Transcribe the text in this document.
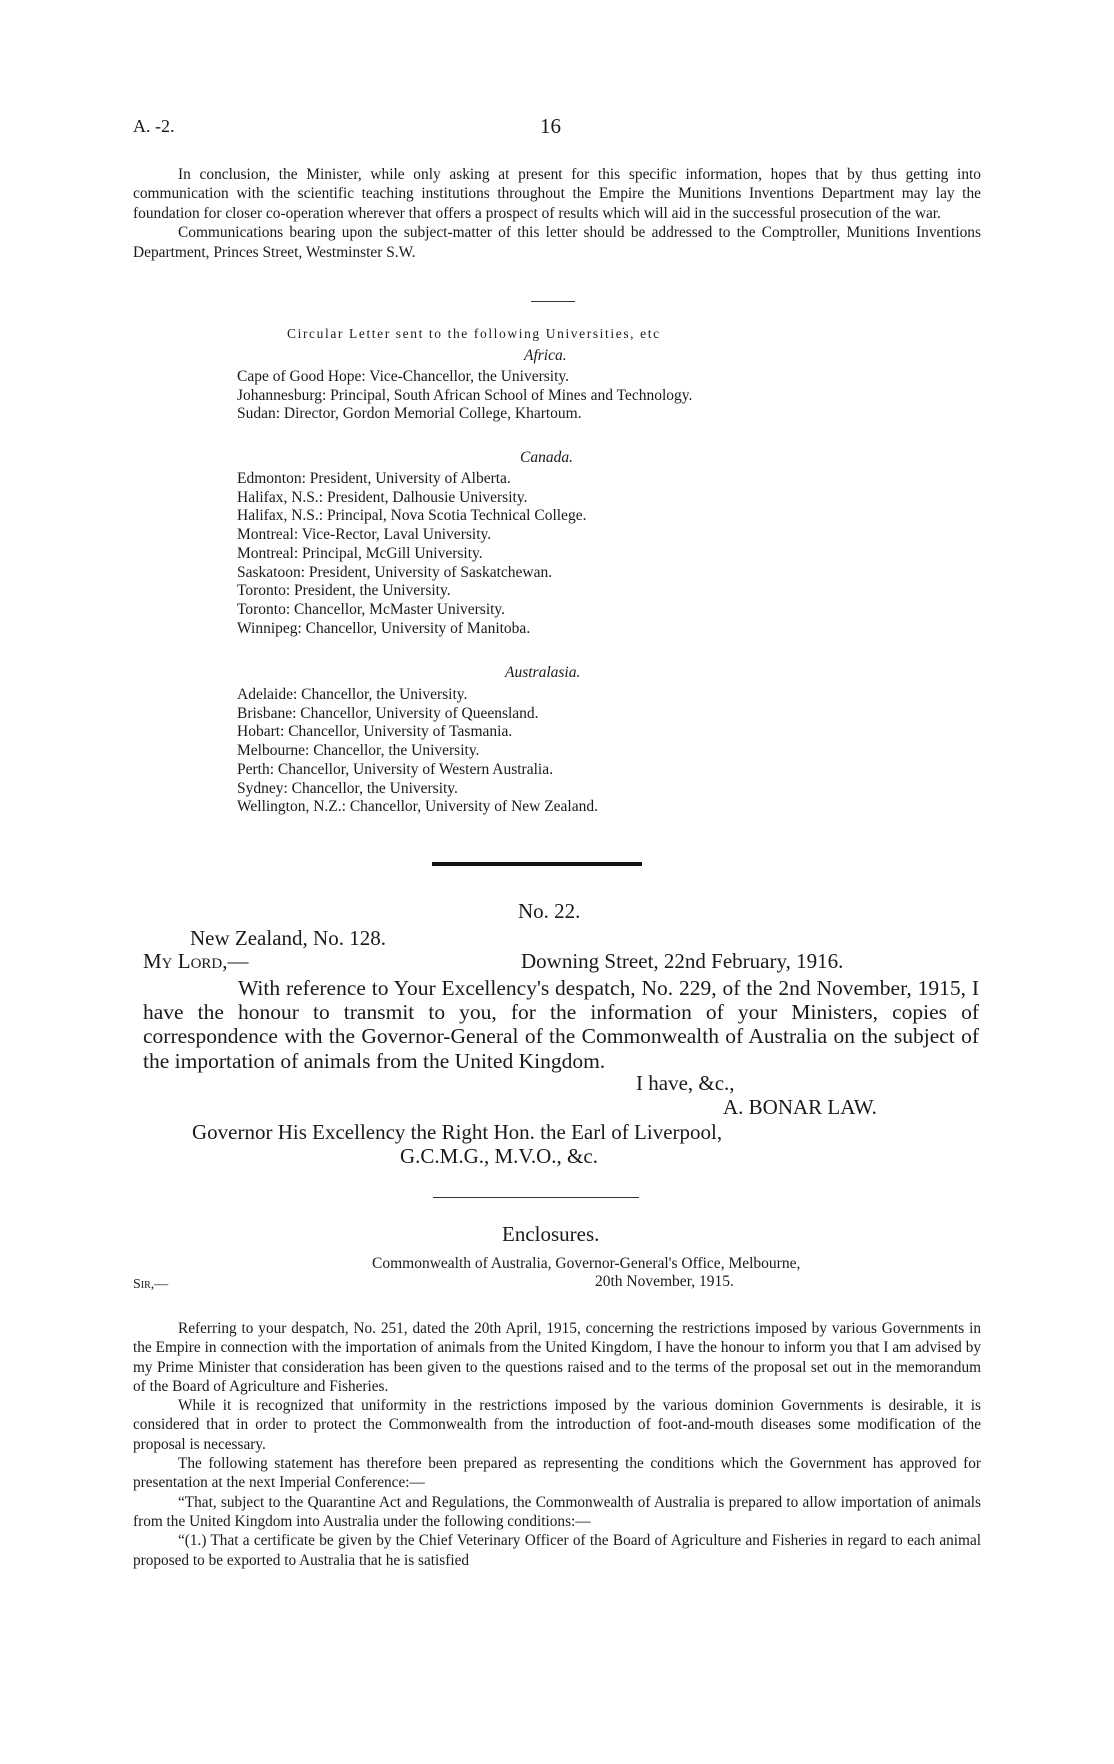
A. -2.	16

In conclusion, the Minister, while only asking at present for this specific information, hopes that by thus getting into communication with the scientific teaching institutions throughout the Empire the Munitions Inventions Department may lay the foundation for closer co-operation wherever that offers a prospect of results which will aid in the successful prosecution of the war.

Communications bearing upon the subject-matter of this letter should be addressed to the Comptroller, Munitions Inventions Department, Princes Street, Westminster S.W.

Circular Letter sent to the following Universities, etc
Africa.
Cape of Good Hope: Vice-Chancellor, the University.
Johannesburg: Principal, South African School of Mines and Technology.
Sudan: Director, Gordon Memorial College, Khartoum.
Canada.
Edmonton: President, University of Alberta.
Halifax, N.S.: President, Dalhousie University.
Halifax, N.S.: Principal, Nova Scotia Technical College.
Montreal: Vice-Rector, Laval University.
Montreal: Principal, McGill University.
Saskatoon: President, University of Saskatchewan.
Toronto: President, the University.
Toronto: Chancellor, McMaster University.
Winnipeg: Chancellor, University of Manitoba.
Australasia.
Adelaide: Chancellor, the University.
Brisbane: Chancellor, University of Queensland.
Hobart: Chancellor, University of Tasmania.
Melbourne: Chancellor, the University.
Perth: Chancellor, University of Western Australia.
Sydney: Chancellor, the University.
Wellington, N.Z.: Chancellor, University of New Zealand.
No. 22.
New Zealand, No. 128.
My Lord,—	Downing Street, 22nd February, 1916.

With reference to Your Excellency's despatch, No. 229, of the 2nd November, 1915, I have the honour to transmit to you, for the information of your Ministers, copies of correspondence with the Governor-General of the Commonwealth of Australia on the subject of the importation of animals from the United Kingdom.

I have, &c.,
A. BONAR LAW.
Governor His Excellency the Right Hon. the Earl of Liverpool,
G.C.M.G., M.V.O., &c.
Enclosures.
Commonwealth of Australia, Governor-General's Office, Melbourne,
Sir,—	20th November, 1915.

Referring to your despatch, No. 251, dated the 20th April, 1915, concerning the restrictions imposed by various Governments in the Empire in connection with the importation of animals from the United Kingdom, I have the honour to inform you that I am advised by my Prime Minister that consideration has been given to the questions raised and to the terms of the proposal set out in the memorandum of the Board of Agriculture and Fisheries.

While it is recognized that uniformity in the restrictions imposed by the various dominion Governments is desirable, it is considered that in order to protect the Commonwealth from the introduction of foot-and-mouth diseases some modification of the proposal is necessary.

The following statement has therefore been prepared as representing the conditions which the Government has approved for presentation at the next Imperial Conference:—

“That, subject to the Quarantine Act and Regulations, the Commonwealth of Australia is prepared to allow importation of animals from the United Kingdom into Australia under the following conditions:—

“(1.) That a certificate be given by the Chief Veterinary Officer of the Board of Agriculture and Fisheries in regard to each animal proposed to be exported to Australia that he is satisfied
